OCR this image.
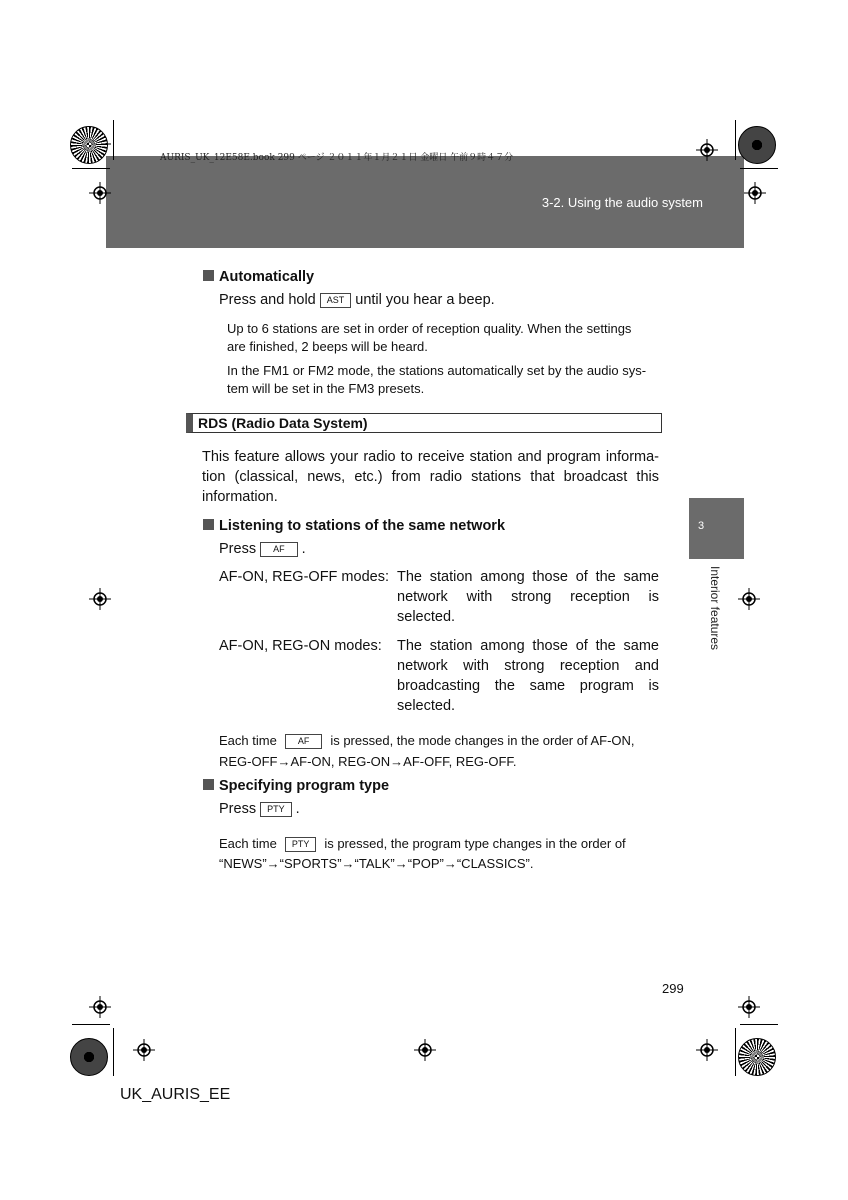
AURIS_UK_12E58E.book 299 ページ ２０１１年１月２１日 金曜日 午前９時４７分
3-2. Using the audio system
3
Interior features
Automatically
Press and hold AST until you hear a beep.
Up to 6 stations are set in order of reception quality. When the settings
are finished, 2 beeps will be heard.
In the FM1 or FM2 mode, the stations automatically set by the audio sys-
tem will be set in the FM3 presets.
RDS (Radio Data System)
This feature allows your radio to receive station and program informa-tion (classical, news, etc.) from radio stations that broadcast this information.
Listening to stations of the same network
Press AF .
AF-ON, REG-OFF modes: The station among those of the same network with strong reception is selected.
AF-ON, REG-ON modes: The station among those of the same network with strong reception and broadcasting the same program is selected.
Each time AF is pressed, the mode changes in the order of AF-ON,
REG-OFF→AF-ON, REG-ON→AF-OFF, REG-OFF.
Specifying program type
Press PTY .
Each time PTY is pressed, the program type changes in the order of
“NEWS”→“SPORTS”→“TALK”→“POP”→“CLASSICS”.
299
UK_AURIS_EE
